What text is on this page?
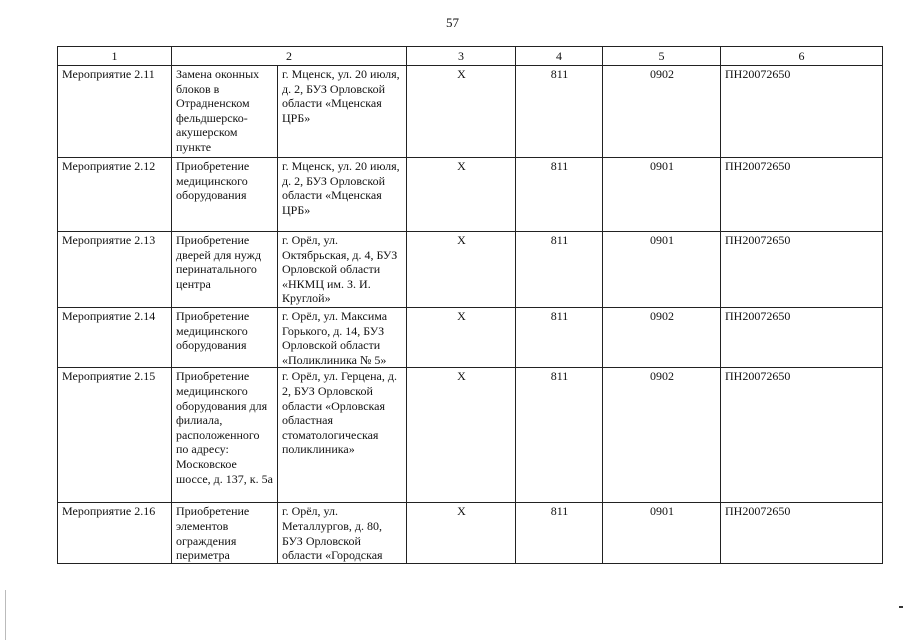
57
1	2		3	4	5	6	
Мероприятие 2.11	Замена оконных блоков в Отрадненском фельдшерско-акушерском пункте	г. Мценск, ул. 20 июля, д. 2, БУЗ Орловской области «Мценская ЦРБ»	Х	811	0902	ПН20072650	
Мероприятие 2.12	Приобретение медицинского оборудования	г. Мценск, ул. 20 июля, д. 2, БУЗ Орловской области «Мценская ЦРБ»	Х	811	0901	ПН20072650	
Мероприятие 2.13	Приобретение дверей для нужд перинатального центра	г. Орёл, ул. Октябрьская, д. 4, БУЗ Орловской области «НКМЦ им. З. И. Круглой»	Х	811	0901	ПН20072650	
Мероприятие 2.14	Приобретение медицинского оборудования	г. Орёл, ул. Максима Горького, д. 14, БУЗ Орловской области «Поликлиника № 5»	Х	811	0902	ПН20072650	
Мероприятие 2.15	Приобретение медицинского оборудования для филиала, расположенного по адресу: Московское шоссе, д. 137, к. 5а	г. Орёл, ул. Герцена, д. 2, БУЗ Орловской области «Орловская областная стоматологическая поликлиника»	Х	811	0902	ПН20072650	
Мероприятие 2.16	Приобретение элементов ограждения периметра	г. Орёл, ул. Металлургов, д. 80, БУЗ Орловской области «Городская	Х	811	0901	ПН20072650	
